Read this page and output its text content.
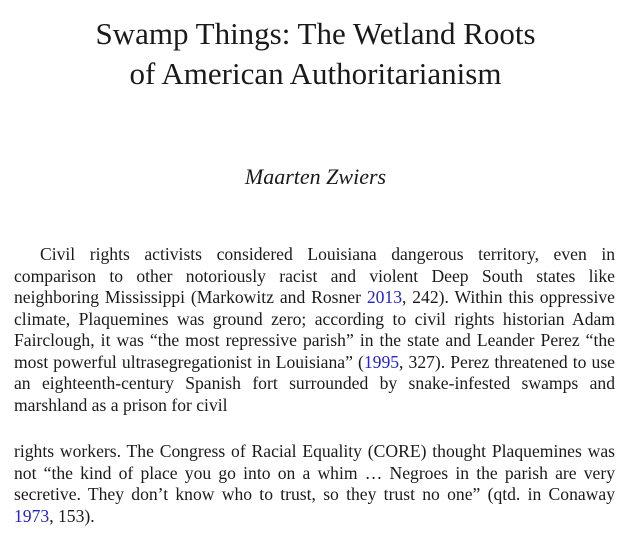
Swamp Things: The Wetland Roots
of American Authoritarianism
Maarten Zwiers

Civil rights activists considered Louisiana dangerous territory, even in comparison to other notoriously racist and violent Deep South states like neighboring Mississippi (Markowitz and Rosner 2013, 242). Within this oppressive climate, Plaquemines was ground zero; according to civil rights historian Adam Fairclough, it was “the most repressive parish” in the state and Leander Perez “the most powerful ultrasegregationist in Louisiana” (1995, 327). Perez threatened to use an eighteenth-century Spanish fort surrounded by snake-infested swamps and marshland as a prison for civil

rights workers. The Congress of Racial Equality (CORE) thought Plaquemines was not “the kind of place you go into on a whim … Negroes in the parish are very secretive. They don’t know who to trust, so they trust no one” (qtd. in Conaway 1973, 153).
